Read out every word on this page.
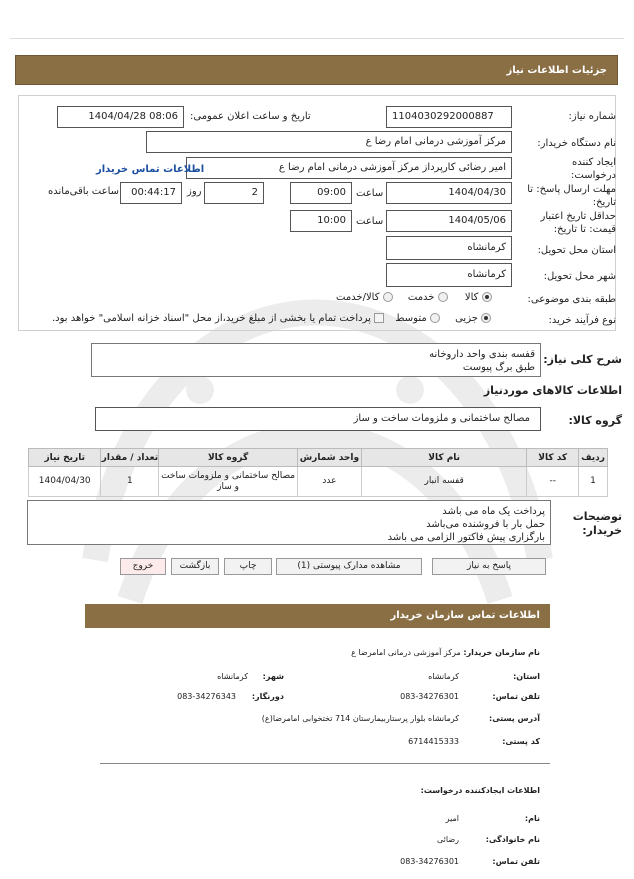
جزئیات اطلاعات نیاز
شماره نیاز:
1104030292000887
تاریخ و ساعت اعلان عمومی:
1404/04/28 08:06
نام دستگاه خریدار:
مرکز آموزشی درمانی امام رضا ع
ایجاد کننده درخواست:
امیر رضائی کارپرداز مرکز آموزشی درمانی امام رضا ع
اطلاعات تماس خریدار
مهلت ارسال پاسخ: تا تاریخ:
1404/04/30
ساعت
09:00
2
روز
00:44:17
ساعت باقی‌مانده
حداقل تاریخ اعتبار قیمت: تا تاریخ:
1404/05/06
ساعت
10:00
استان محل تحویل:
کرمانشاه
شهر محل تحویل:
کرمانشاه
طبقه بندی موضوعی:
کالا  خدمت  کالا/خدمت
نوع فرآیند خرید:
جزیی  متوسط  پرداخت تمام یا بخشی از مبلغ خرید،از محل "اسناد خزانه اسلامی" خواهد بود.
شرح کلی نیاز:
قفسه بندی واحد داروخانه
طبق برگ پیوست
اطلاعات کالاهای موردنیاز
گروه کالا:
مصالح ساختمانی و ملزومات ساخت و ساز
ردیف	کد کالا	نام کالا	واحد شمارش	گروه کالا	تعداد / مقدار	تاریخ نیاز
1	--	قفسه انبار	عدد	مصالح ساختمانی و ملزومات ساخت و ساز	1	1404/04/30
توضیحات خریدار:
پرداخت یک ماه می باشد
حمل بار با فروشنده می‌باشد
بارگزاری پیش فاکتور الزامی می باشد
پاسخ به نیاز
مشاهده مدارک پیوستی (1)
چاپ
بازگشت
خروج
اطلاعات تماس سازمان خریدار
نام سازمان خریدار: مرکز آموزشی درمانی امامرضا ع
استان:
کرمانشاه
شهر:
کرمانشاه
تلفن تماس:
083-34276301
دورنگار:
083-34276343
آدرس پستی:
کرمانشاه بلوار پرستاربیمارستان 714 تختخوابی امامرضا(ع)
کد پستی:
6714415333
اطلاعات ایجادکننده درخواست:
نام:
امیر
نام خانوادگی:
رضائی
تلفن تماس:
083-34276301
